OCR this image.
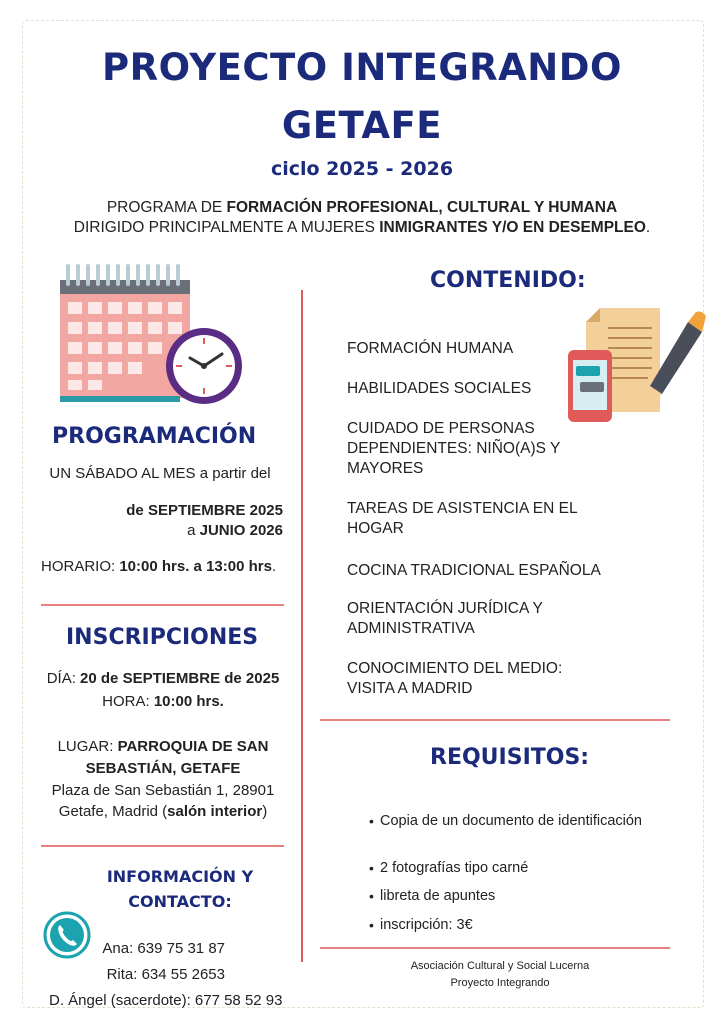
PROYECTO INTEGRANDO
GETAFE
ciclo 2025 - 2026
PROGRAMA DE FORMACIÓN PROFESIONAL, CULTURAL Y HUMANA
DIRIGIDO PRINCIPALMENTE A MUJERES INMIGRANTES Y/O EN DESEMPLEO.
PROGRAMACIÓN
UN SÁBADO AL MES a partir del
de SEPTIEMBRE 2025
a JUNIO 2026
HORARIO: 10:00 hrs. a 13:00 hrs.
INSCRIPCIONES
DÍA: 20 de SEPTIEMBRE de 2025
HORA: 10:00 hrs.
LUGAR: PARROQUIA DE SAN
SEBASTIÁN, GETAFE
Plaza de San Sebastián 1, 28901
Getafe, Madrid (salón interior)
INFORMACIÓN Y
CONTACTO:
Ana: 639 75 31 87
Rita: 634 55 2653
D. Ángel (sacerdote): 677 58 52 93
CONTENIDO:
FORMACIÓN HUMANA
HABILIDADES SOCIALES
CUIDADO DE PERSONAS
DEPENDIENTES: NIÑO(A)S Y
MAYORES
TAREAS DE ASISTENCIA EN EL
HOGAR
COCINA TRADICIONAL ESPAÑOLA
ORIENTACIÓN JURÍDICA Y
ADMINISTRATIVA
CONOCIMIENTO DEL MEDIO:
VISITA A MADRID
REQUISITOS:
• Copia de un documento de identificación
• 2 fotografías tipo carné
• libreta de apuntes
• inscripción: 3€
Asociación Cultural y Social Lucerna
Proyecto Integrando
